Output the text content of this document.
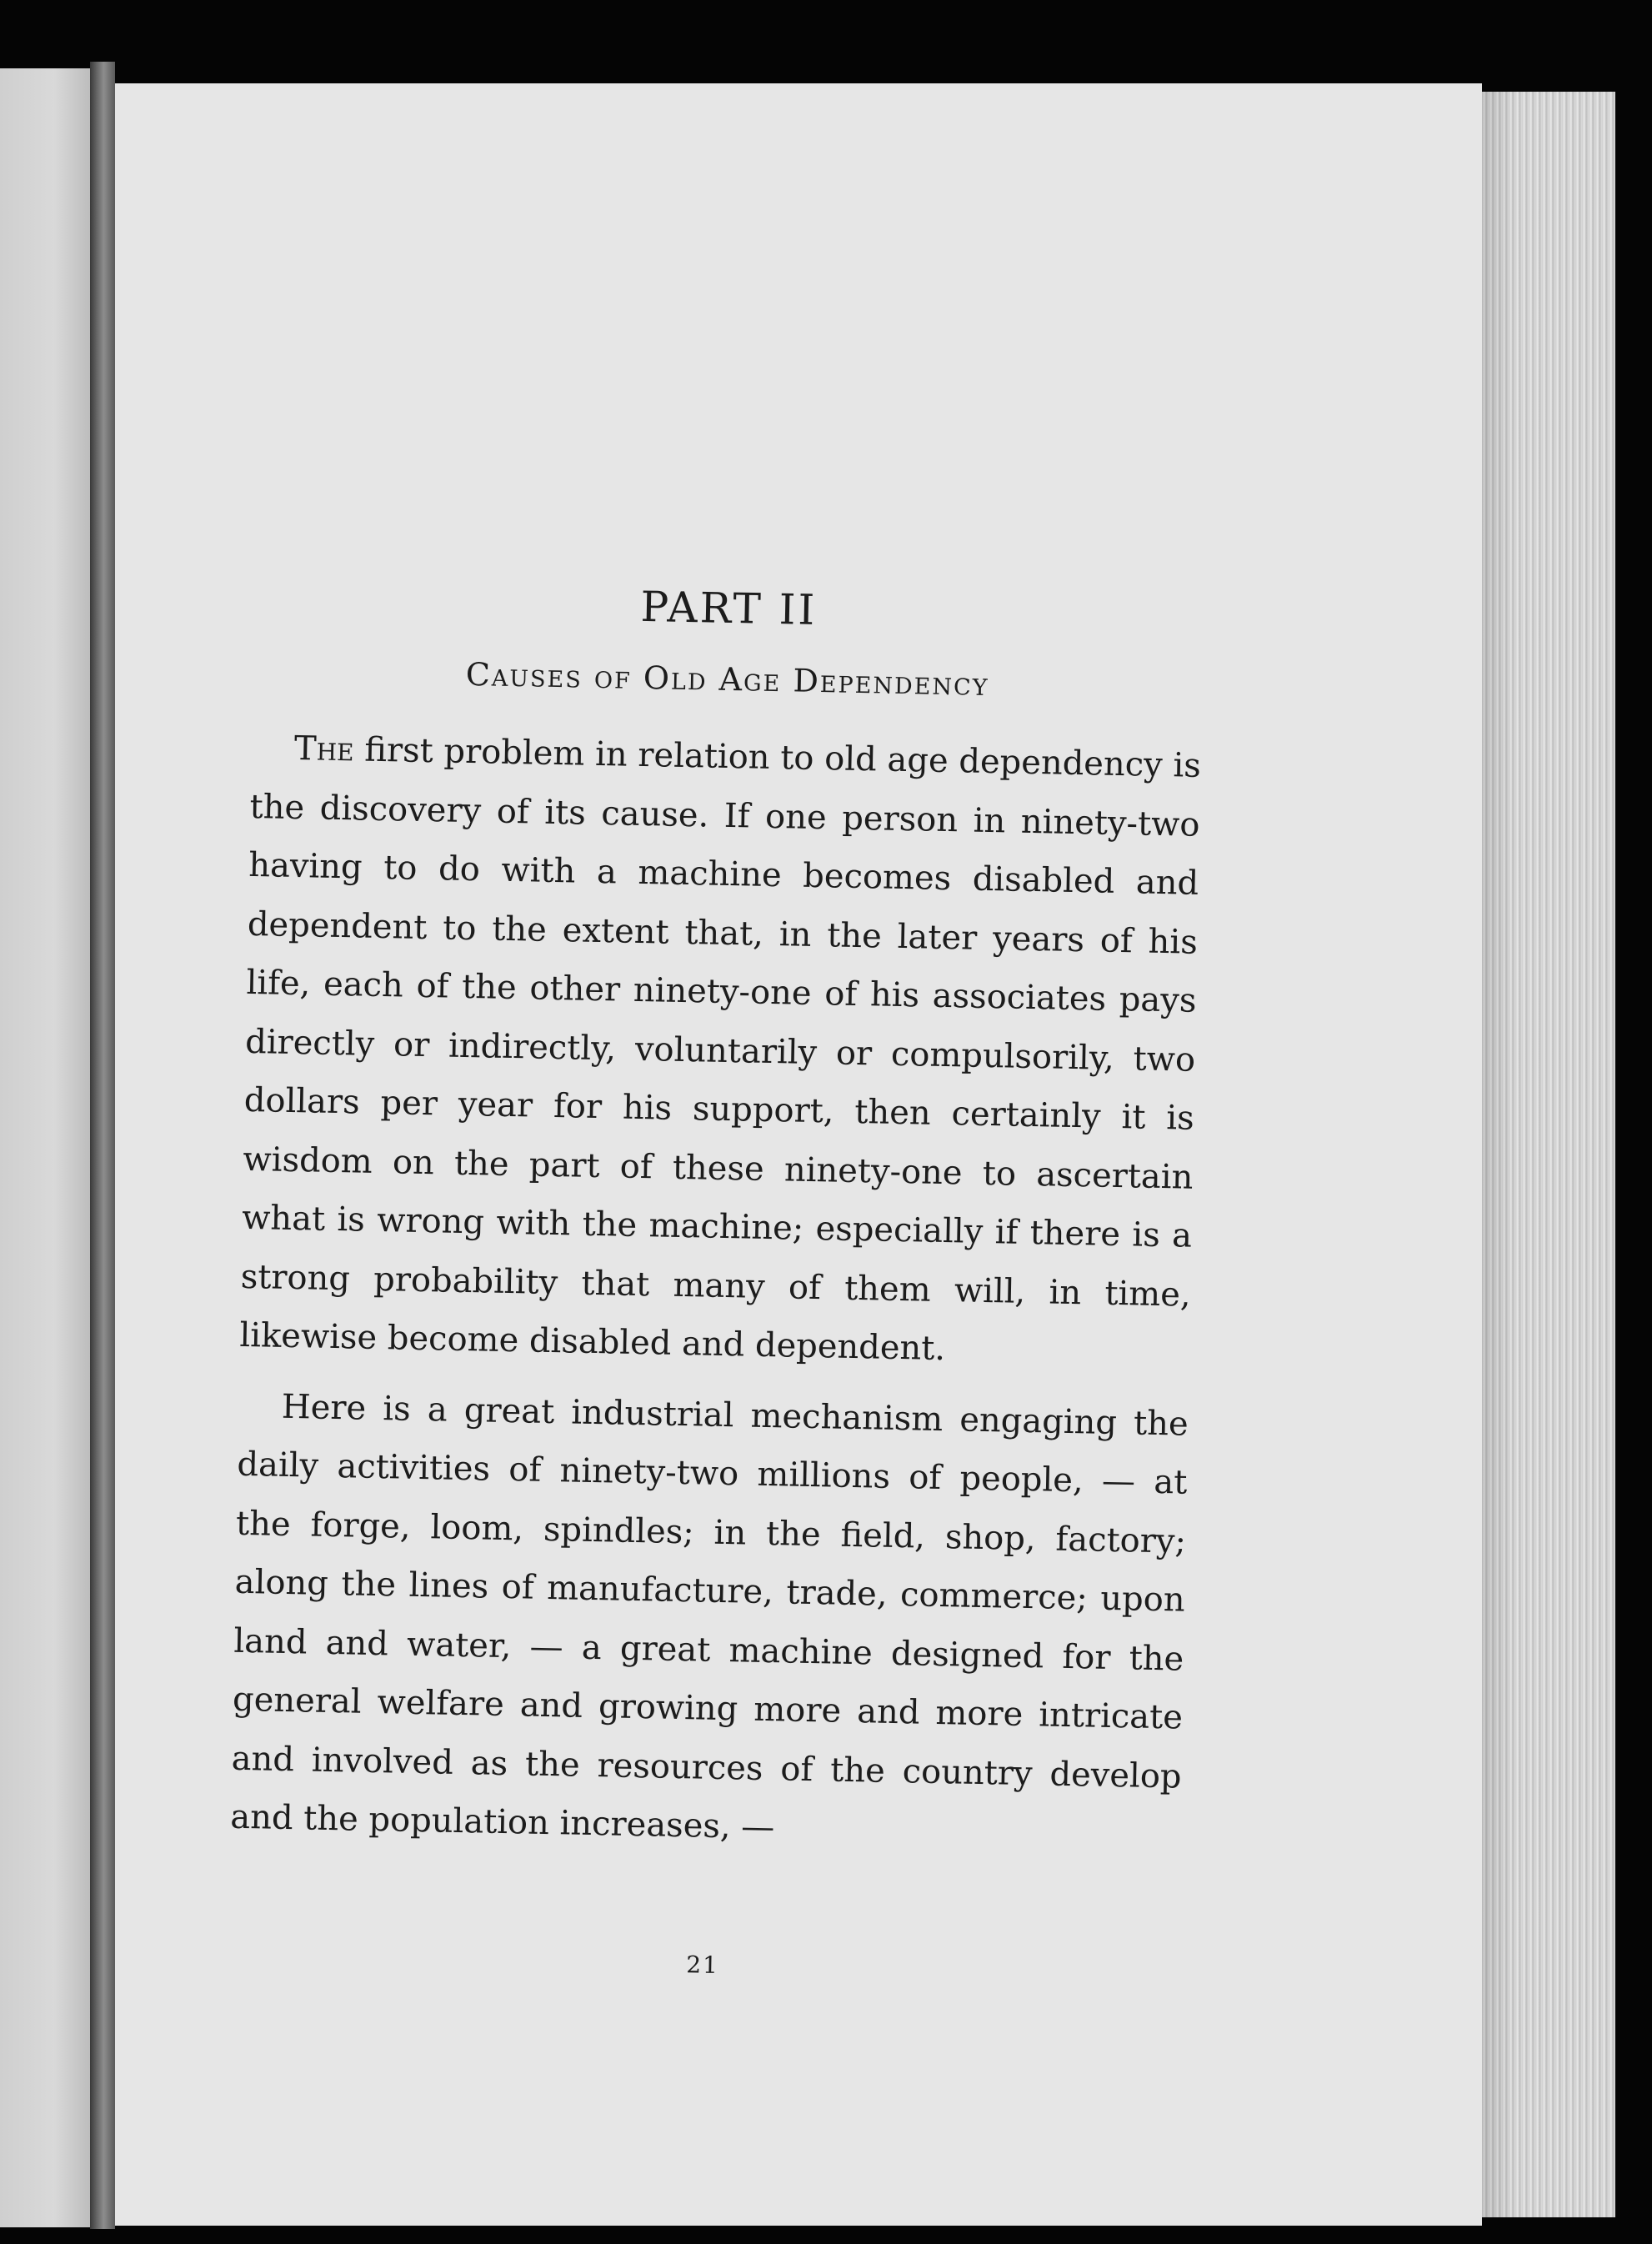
PART II
Causes of Old Age Dependency

The first problem in relation to old age dependency is the discovery of its cause. If one person in ninety-two having to do with a machine becomes disabled and dependent to the extent that, in the later years of his life, each of the other ninety-one of his associates pays directly or indirectly, voluntarily or compulsorily, two dollars per year for his support, then certainly it is wisdom on the part of these ninety-one to ascertain what is wrong with the machine; especially if there is a strong probability that many of them will, in time, likewise become disabled and dependent.

Here is a great industrial mechanism engaging the daily activities of ninety-two millions of people, — at the forge, loom, spindles; in the field, shop, factory; along the lines of manufacture, trade, commerce; upon land and water, — a great machine designed for the general welfare and growing more and more intricate and involved as the resources of the country develop and the population increases, —

21
